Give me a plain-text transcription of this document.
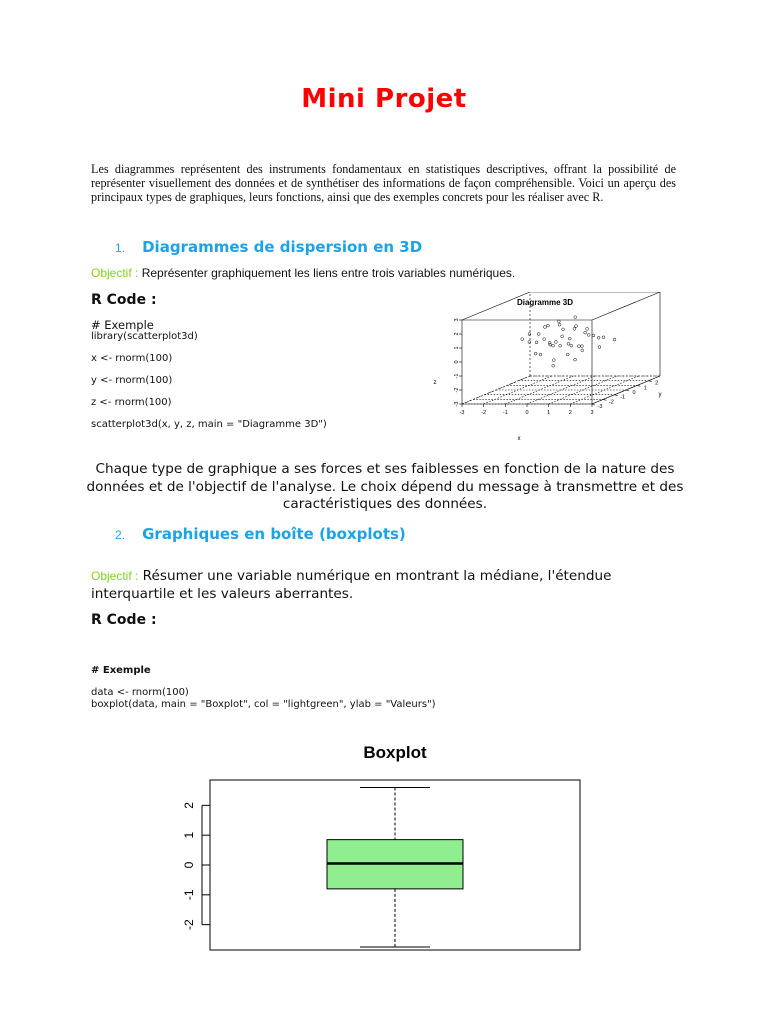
Mini Projet
Les diagrammes représentent des instruments fondamentaux en statistiques descriptives, offrant la possibilité de représenter visuellement des données et de synthétiser des informations de façon compréhensible. Voici un aperçu des principaux types de graphiques, leurs fonctions, ainsi que des exemples concrets pour les réaliser avec R.
1. Diagrammes de dispersion en 3D
Objectif : Représenter graphiquement les liens entre trois variables numériques.
R Code :
# Exemple
library(scatterplot3d)
x <- rnorm(100)
y <- rnorm(100)
z <- rnorm(100)
scatterplot3d(x, y, z, main = "Diagramme 3D")
Diagramme 3D
-3	-2	-1	0	1	2	3
-3
-2
-1
0
1
2
3
-3
-2
-1
0
1
2
z
x
y
Chaque type de graphique a ses forces et ses faiblesses en fonction de la nature des données et de l'objectif de l'analyse. Le choix dépend du message à transmettre et des caractéristiques des données.
2. Graphiques en boîte (boxplots)
Objectif : Résumer une variable numérique en montrant la médiane, l'étendue interquartile et les valeurs aberrantes.
R Code :
# Exemple
data <- rnorm(100)
boxplot(data, main = "Boxplot", col = "lightgreen", ylab = "Valeurs")
Boxplot
-2
-1
0
1
2
